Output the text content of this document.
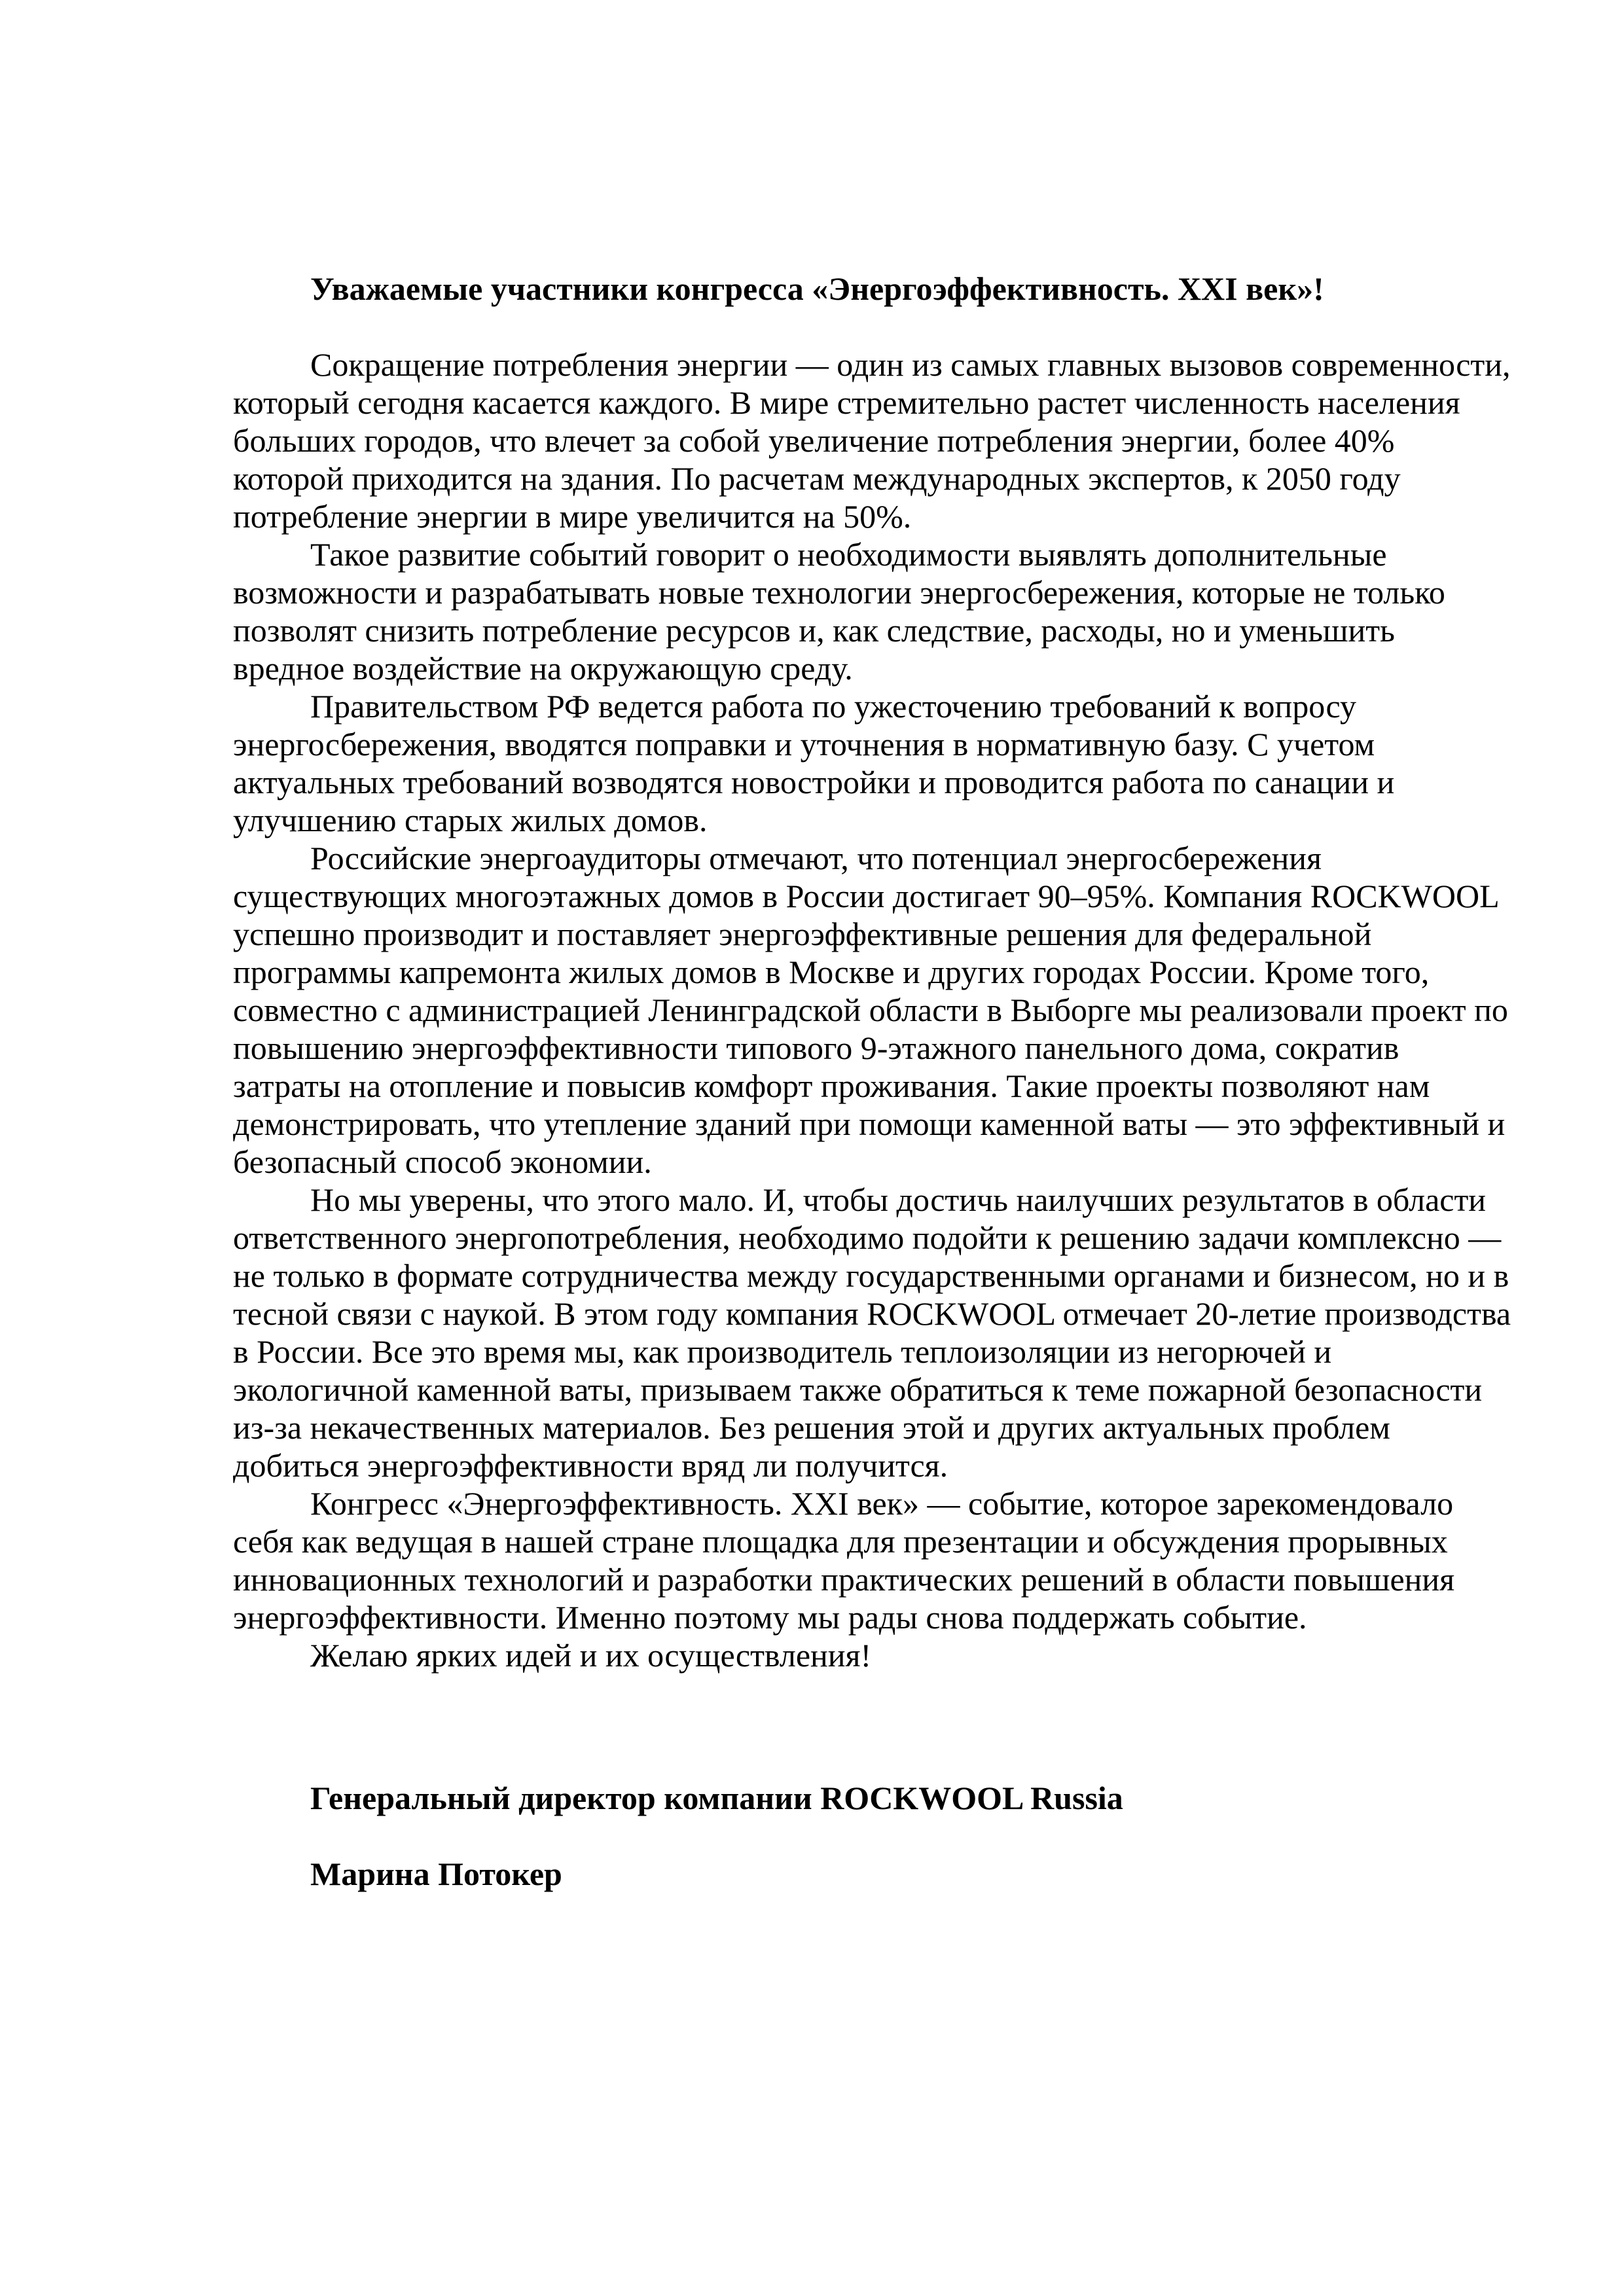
Уважаемые участники конгресса «Энергоэффективность. XXI век»!

Сокращение потребления энергии — один из самых главных вызовов современности, который сегодня касается каждого. В мире стремительно растет численность населения больших городов, что влечет за собой увеличение потребления энергии, более 40% которой приходится на здания. По расчетам международных экспертов, к 2050 году потребление энергии в мире увеличится на 50%.

Такое развитие событий говорит о необходимости выявлять дополнительные возможности и разрабатывать новые технологии энергосбережения, которые не только позволят снизить потребление ресурсов и, как следствие, расходы, но и уменьшить вредное воздействие на окружающую среду.

Правительством РФ ведется работа по ужесточению требований к вопросу энергосбережения, вводятся поправки и уточнения в нормативную базу. С учетом актуальных требований возводятся новостройки и проводится работа по санации и улучшению старых жилых домов.

Российские энергоаудиторы отмечают, что потенциал энергосбережения существующих многоэтажных домов в России достигает 90–95%. Компания ROCKWOOL успешно производит и поставляет энергоэффективные решения для федеральной программы капремонта жилых домов в Москве и других городах России. Кроме того, совместно с администрацией Ленинградской области в Выборге мы реализовали проект по повышению энергоэффективности типового 9-этажного панельного дома, сократив затраты на отопление и повысив комфорт проживания. Такие проекты позволяют нам демонстрировать, что утепление зданий при помощи каменной ваты — это эффективный и безопасный способ экономии.

Но мы уверены, что этого мало. И, чтобы достичь наилучших результатов в области ответственного энергопотребления, необходимо подойти к решению задачи комплексно — не только в формате сотрудничества между государственными органами и бизнесом, но и в тесной связи с наукой. В этом году компания ROCKWOOL отмечает 20-летие производства в России. Все это время мы, как производитель теплоизоляции из негорючей и экологичной каменной ваты, призываем также обратиться к теме пожарной безопасности из-за некачественных материалов. Без решения этой и других актуальных проблем добиться энергоэффективности вряд ли получится.

Конгресс «Энергоэффективность. XXI век» — событие, которое зарекомендовало себя как ведущая в нашей стране площадка для презентации и обсуждения прорывных инновационных технологий и разработки практических решений в области повышения энергоэффективности. Именно поэтому мы рады снова поддержать событие.

Желаю ярких идей и их осуществления!

Генеральный директор компании ROCKWOOL Russia

Марина Потокер
